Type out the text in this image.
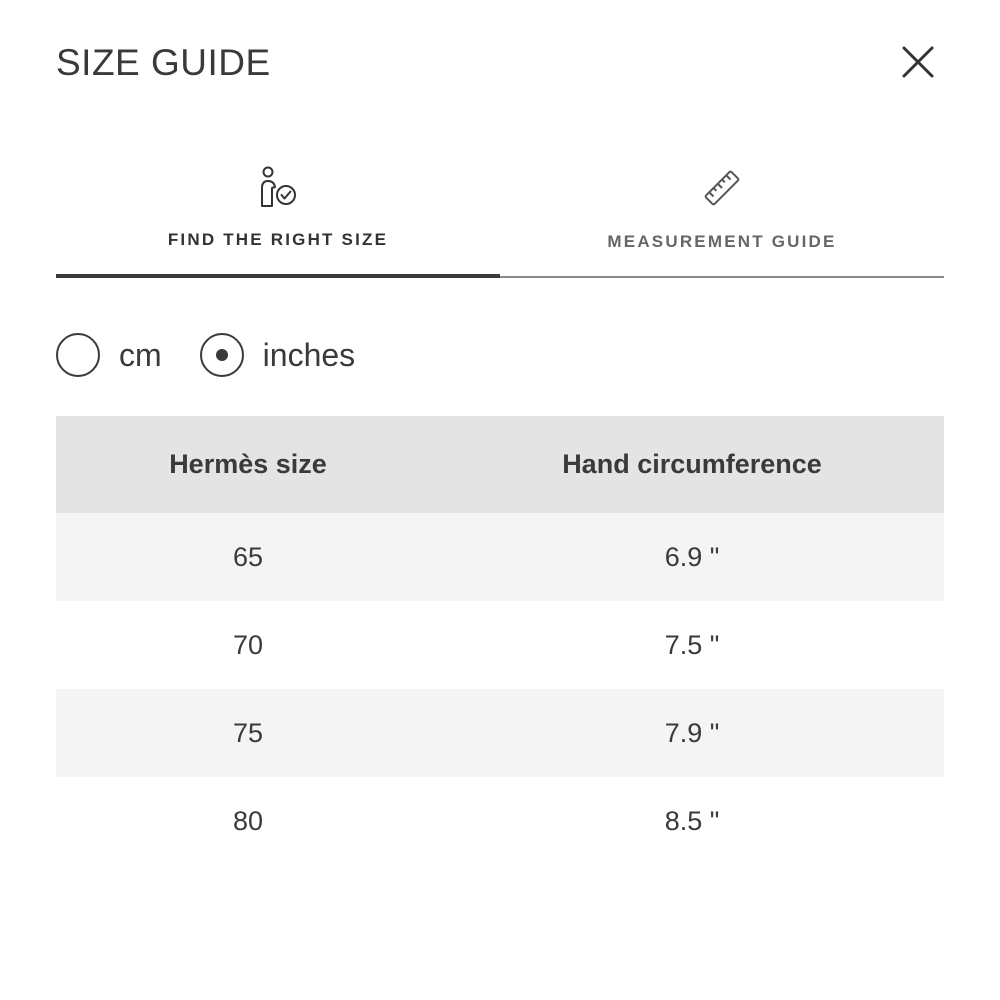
SIZE GUIDE
FIND THE RIGHT SIZE	MEASUREMENT GUIDE
cm	inches
Hermès size	Hand circumference
65	6.9 "
70	7.5 "
75	7.9 "
80	8.5 "
